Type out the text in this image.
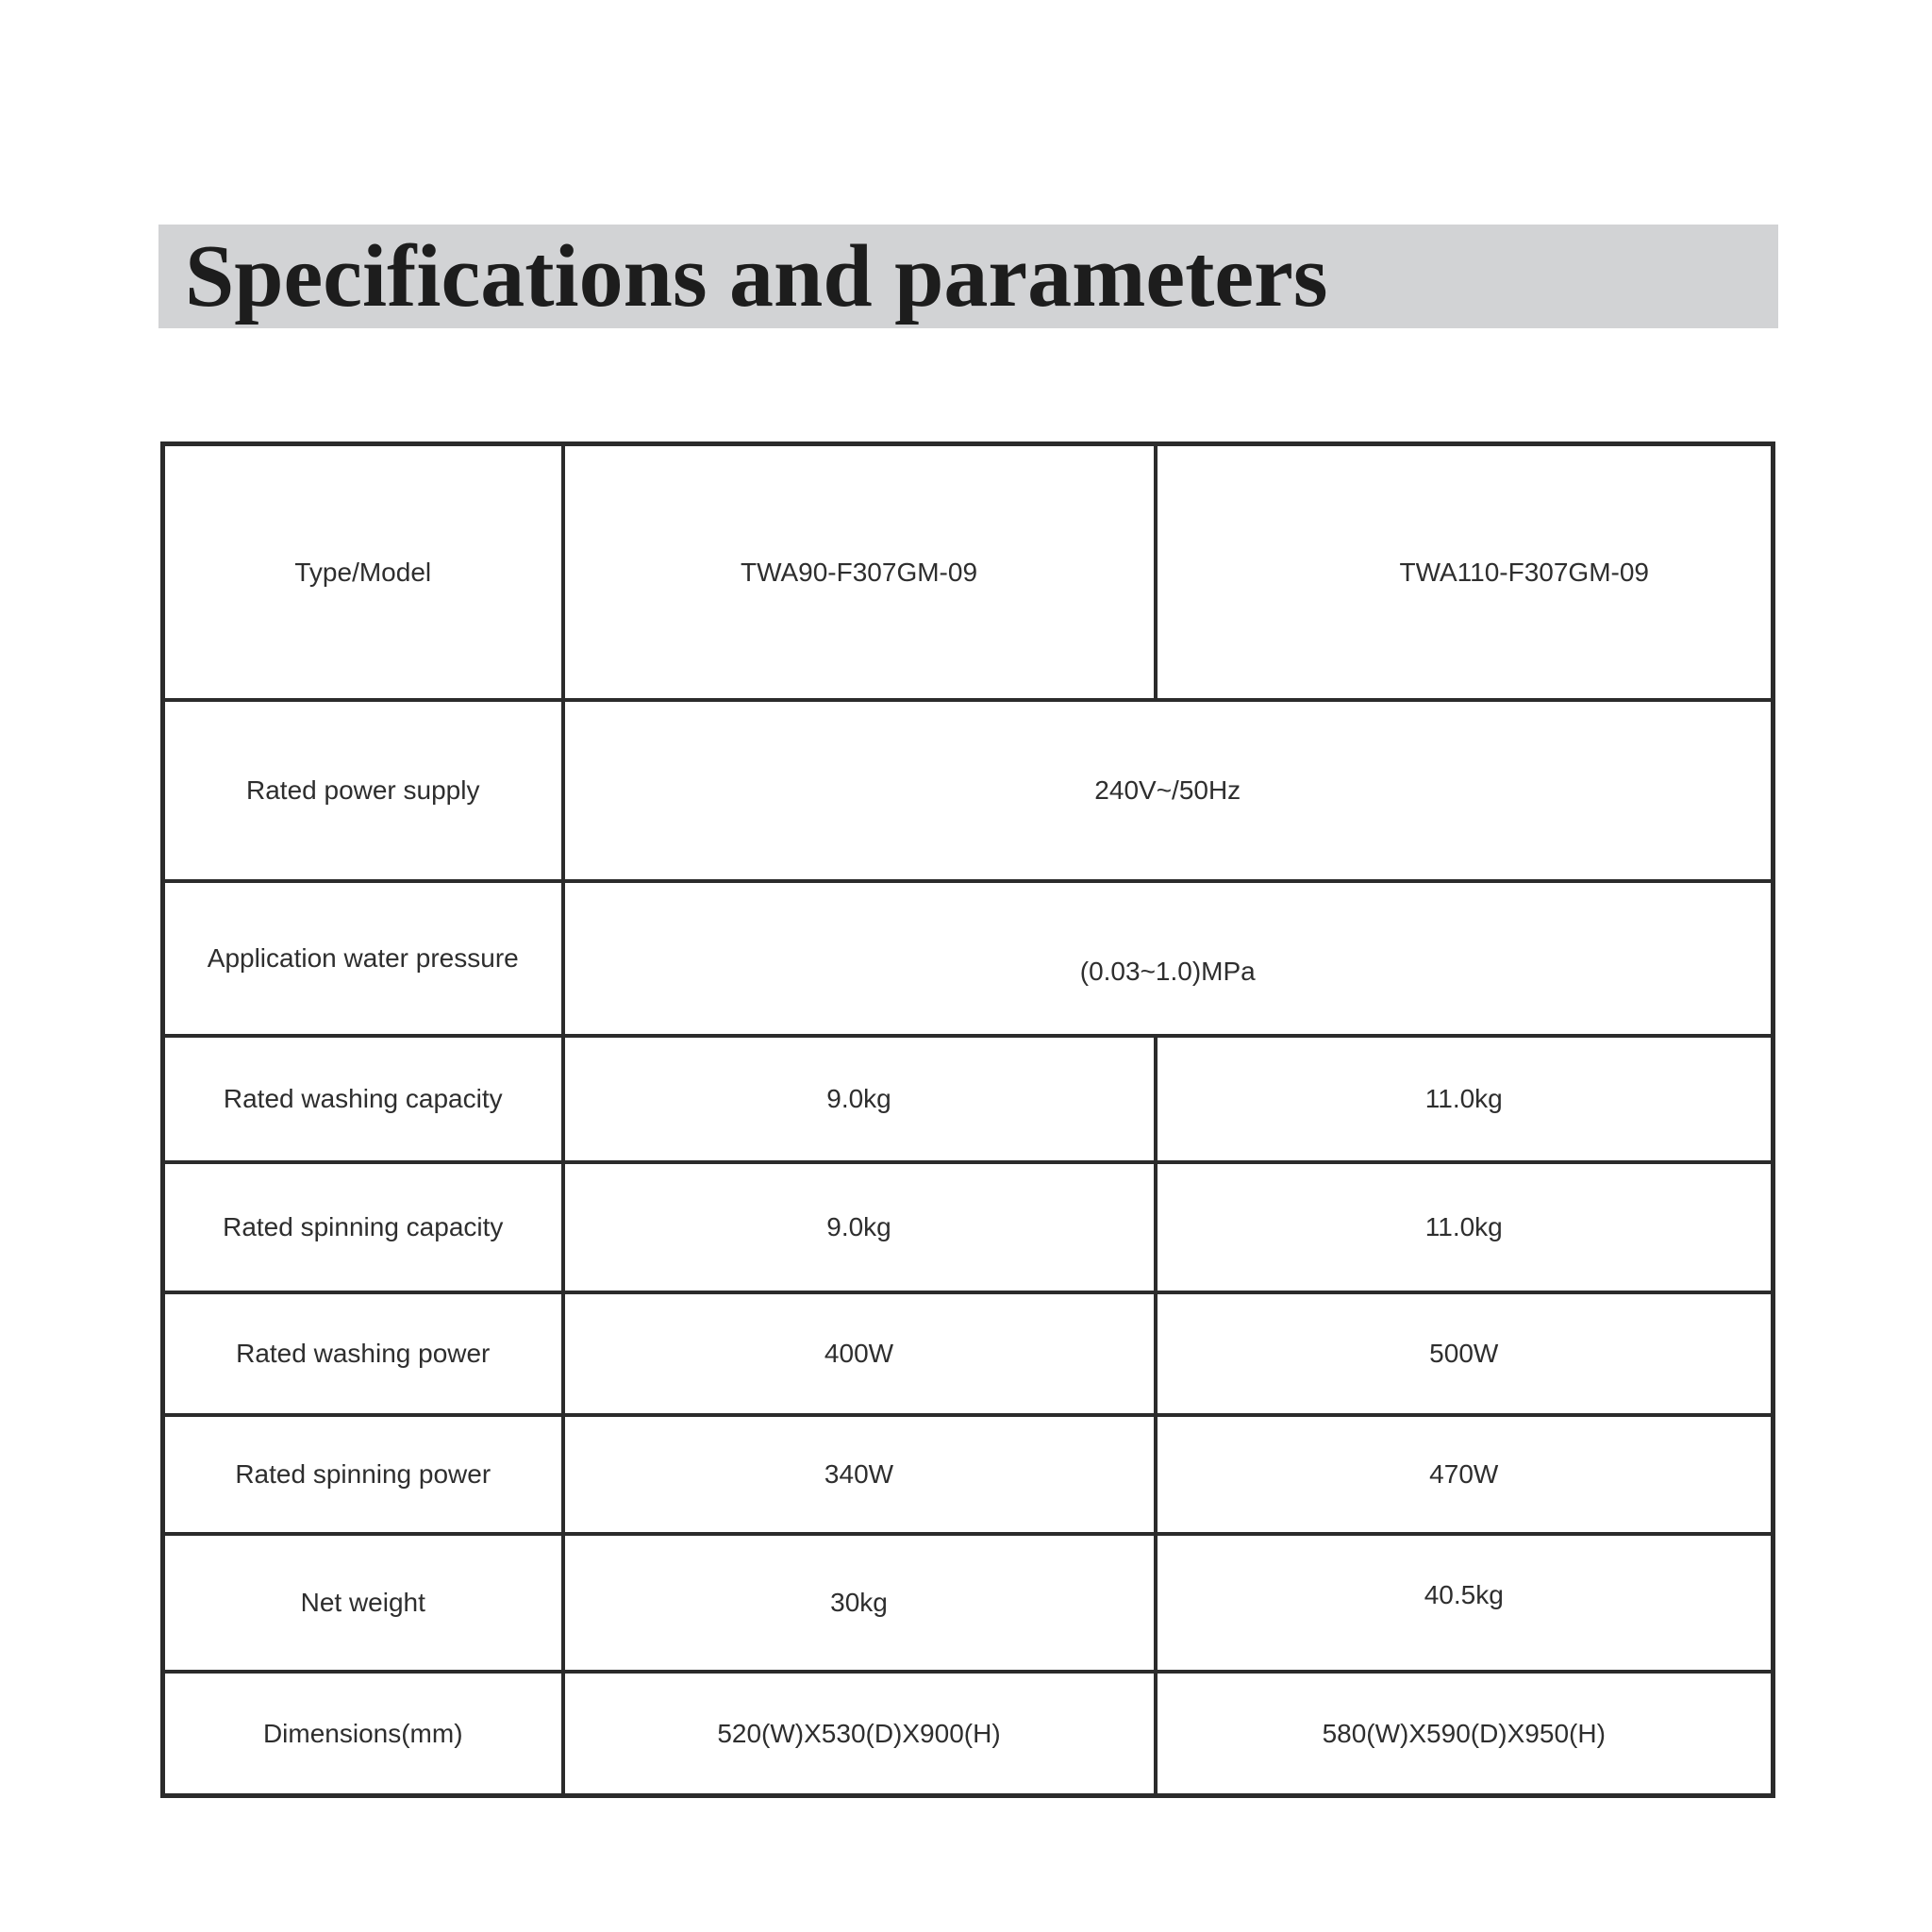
Specifications and parameters
Type/Model	TWA90-F307GM-09	TWA110-F307GM-09
Rated power supply	240V~/50Hz	
Application water pressure	(0.03~1.0)MPa	
Rated washing capacity	9.0kg	11.0kg
Rated spinning capacity	9.0kg	11.0kg
Rated washing power	400W	500W
Rated spinning power	340W	470W
Net weight	30kg	40.5kg
Dimensions(mm)	520(W)X530(D)X900(H)	580(W)X590(D)X950(H)
